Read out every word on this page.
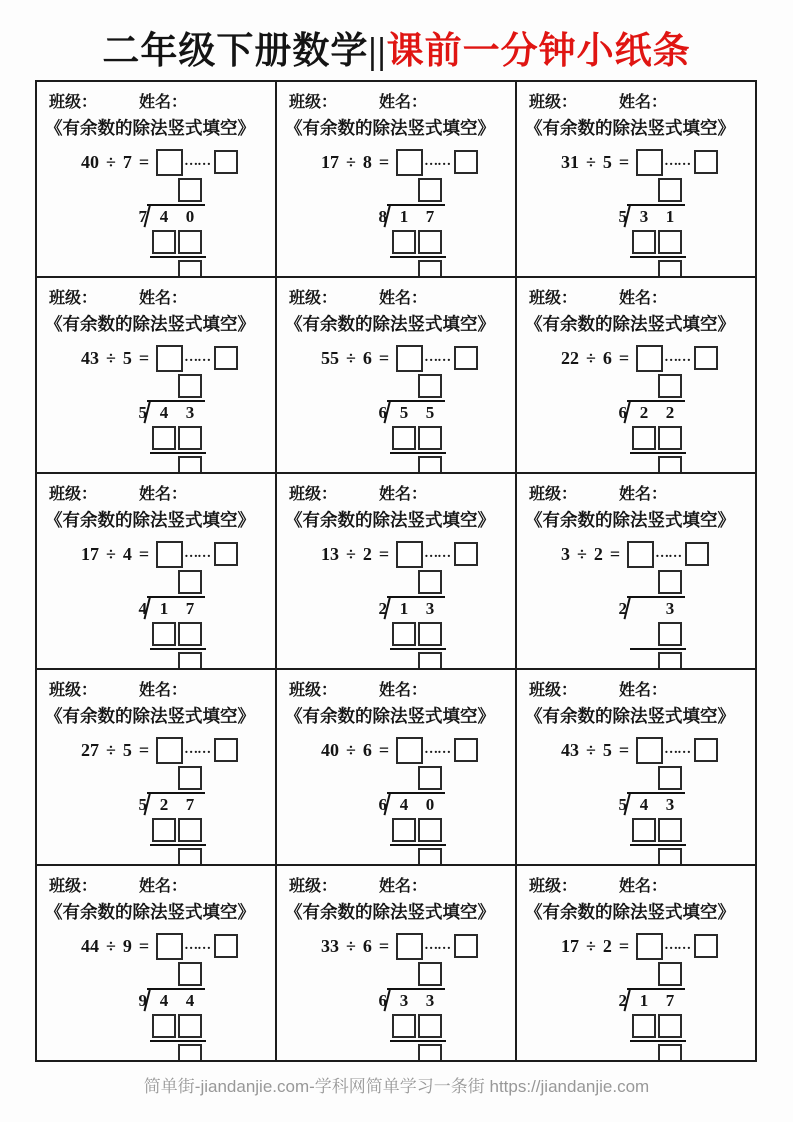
二年级下册数学||课前一分钟小纸条
班级：	姓名：
《有余数的除法竖式填空》
40 ÷ 7 =	……
7 4 0
班级：	姓名：
《有余数的除法竖式填空》
17 ÷ 8 =	……
8 1 7
班级：	姓名：
《有余数的除法竖式填空》
31 ÷ 5 =	……
5 3 1
班级：	姓名：
《有余数的除法竖式填空》
43 ÷ 5 =	……
5 4 3
班级：	姓名：
《有余数的除法竖式填空》
55 ÷ 6 =	……
6 5 5
班级：	姓名：
《有余数的除法竖式填空》
22 ÷ 6 =	……
6 2 2
班级：	姓名：
《有余数的除法竖式填空》
17 ÷ 4 =	……
4 1 7
班级：	姓名：
《有余数的除法竖式填空》
13 ÷ 2 =	……
2 1 3
班级：	姓名：
《有余数的除法竖式填空》
3 ÷ 2 =	……
2 3
班级：	姓名：
《有余数的除法竖式填空》
27 ÷ 5 =	……
5 2 7
班级：	姓名：
《有余数的除法竖式填空》
40 ÷ 6 =	……
6 4 0
班级：	姓名：
《有余数的除法竖式填空》
43 ÷ 5 =	……
5 4 3
班级：	姓名：
《有余数的除法竖式填空》
44 ÷ 9 =	……
9 4 4
班级：	姓名：
《有余数的除法竖式填空》
33 ÷ 6 =	……
6 3 3
班级：	姓名：
《有余数的除法竖式填空》
17 ÷ 2 =	……
2 1 7
简单街-jiandanjie.com-学科网简单学习一条街 https://jiandanjie.com
